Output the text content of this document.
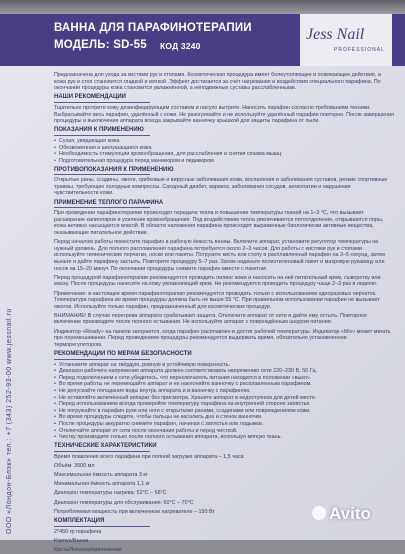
ВАННА ДЛЯ ПАРАФИНОТЕРАПИИ
МОДЕЛЬ: SD-55 КОД 3240
Jess Nail
PROFESSIONAL
ООО «Лондон-Блэк» тел.: +7 (343) 252-93-00 www.jessnail.ru

Предназначена для ухода за кистями рук и стопами. Косметическая процедура имеет болеутоляющее и освежающее действие, а кожа рук и стоп становится гладкой и мягкой. Эффект достигается за счёт нагревания и воздействия специального парафина. По окончании процедуры кожа становится увлажнённой, а неподвижные суставы расслабленными.

НАШИ РЕКОМЕНДАЦИИ

Тщательно протрите кожу дезинфицирующим составом и насухо вытрите. Наносить парафин согласно требованиям техники. Выбрасывайте весь парафин, удалённый с кожи. Не разогревайте и не используйте удалённый парафин повторно. После завершения процедуры и выключения аппарата всегда закрывайте ванночку крышкой для защиты парафина от пыли.

ПОКАЗАНИЯ К ПРИМЕНЕНИЮ
• Сухая, увядающая кожа
• Обезвоженная и шелушащаяся кожа
• Необходимость стимуляции кровообращения, для расслабления и снятия спазма мышц
• Подготовительная процедура перед маникюром и педикюром
ПРОТИВОПОКАЗАНИЯ К ПРИМЕНЕНИЮ

Открытые раны, ссадины, ожоги, грибковые и вирусные заболевания кожи, воспаления и заболевания суставов, резкие спортивные травмы, требующие холодные компрессы. Сахарный диабет, варикоз, заболевания сосудов, ангиопатии и нарушения чувствительности кожи.

ПРИМЕНЕНИЕ ТЕПЛОГО ПАРАФИНА

При проведении парафинотерапии происходит передача тепла и повышение температуры тканей на 1–3 °С, что вызывает расширение капилляров и усиление кровообращения. Под воздействием тепла увеличивается потоотделение, открываются поры, кожа активно насыщается влагой. В области наложения парафина происходят выраженные биологически активные вещества, оказывающие питательное действие.

Перед началом работы поместите парафин в рабочую ёмкость ванны. Включите аппарат, установите регулятор температуры на нужный уровень. Для полного расплавления парафина потребуется около 2–3 часов. Для работы с кистями рук и стопами используйте гигиенические перчатки, носки или пакеты. Погрузите кисть или стопу в расплавленный парафин на 3–5 секунд, затем выньте и дайте парафину застыть. Повторите процедуру 5–7 раз. Затем наденьте полиэтиленовый пакет и махровую рукавицу или носок на 15–20 минут. По окончании процедуры снимите парафин вместе с пакетом.

Перед процедурой парафинотерапии рекомендуется проводить пилинг кожи и наносить на неё питательный крем, сыворотку или маску. После процедуры нанесите на кожу увлажняющий крем. Не рекомендуется проводить процедуру чаще 2–3 раз в неделю.

Примечание: в настоящее время парафинотерапию рекомендуется проводить только с использованием одноразовых перчаток. Температура парафина во время процедуры должна быть не выше 55 °С. При правильном использовании парафин не вызывает ожогов. Используйте только парафин, предназначенный для косметических процедур.

ВНИМАНИЕ! В случае перегрева аппарата срабатывает защита. Отключите аппарат от сети и дайте ему остыть. Повторное включение производите после полного остывания. Не используйте аппарат с повреждённым шнуром питания.

Индикатор «Ready» на панели загорается, когда парафин расплавлен и достиг рабочей температуры. Индикатор «Mix» может мигать при перемешивании. Перед проведением процедуры рекомендуется выдержать время, обязательно установленное терморегулятором.

РЕКОМЕНДАЦИИ ПО МЕРАМ БЕЗОПАСНОСТИ
• Установите аппарат на твёрдую, ровную и устойчивую поверхность.
• Диапазон рабочего напряжения аппарата должен соответствовать напряжению сети 220–230 В, 50 Гц.
• Перед подключением к сети убедитесь, что переключатель питания находится в положении «выкл».
• Во время работы не перемещайте аппарат и не наклоняйте ванночку с расплавленным парафином.
• Не допускайте попадания воды внутрь аппарата и в ванночку с парафином.
• Не оставляйте включённый аппарат без присмотра. Храните аппарат в недоступном для детей месте.
• Перед использованием всегда проверяйте температуру парафина на внутренней стороне запястья.
• Не погружайте в парафин руки или ноги с открытыми ранами, ссадинами или повреждениями кожи.
• Во время процедуры следите, чтобы пальцы не касались дна и стенок ванночки.
• После процедуры аккуратно снимите парафин, начиная с запястья или лодыжки.
• Отключайте аппарат от сети после окончания работы и перед чисткой.
• Чистку производите только после полного остывания аппарата, используя мягкую ткань.
ТЕХНИЧЕСКИЕ ХАРАКТЕРИСТИКИ

Время плавления всего парафина при полной загрузке аппарата – 1,5 часа

Объём: 3000 мл

Максимальная ёмкость аппарата 3 кг

Минимальная ёмкость аппарата 1,1 кг

Диапазон температуры нагрева: 52°C – 58°C

Диапазон температуры для обслуживания: 60°C – 70°C

Потребляемая мощность при включенном нагревателе – 150 Вт

КОМПЛЕКТАЦИЯ

2*450 гр парафина

Корпус/Ванна

Кисть/Лопатка/приложение

Avito
